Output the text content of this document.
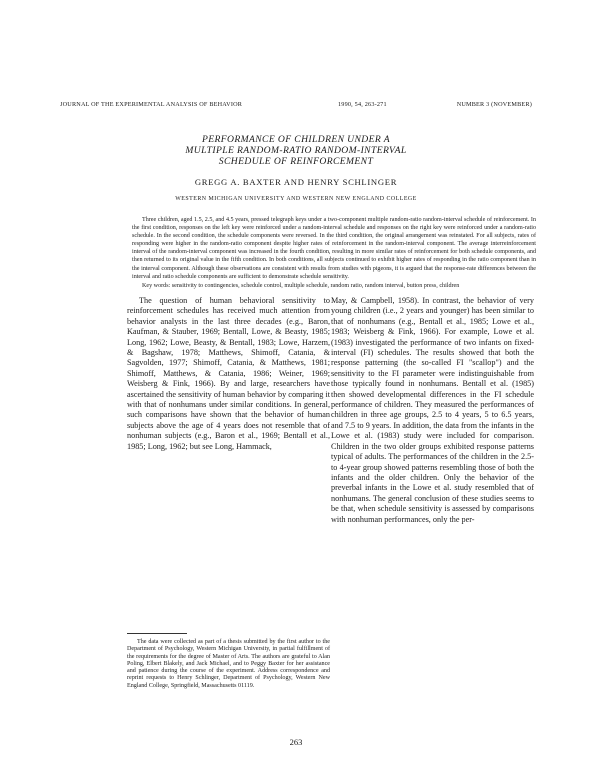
JOURNAL OF THE EXPERIMENTAL ANALYSIS OF BEHAVIOR	1990, 54, 263-271	NUMBER 3 (NOVEMBER)
PERFORMANCE OF CHILDREN UNDER A
MULTIPLE RANDOM-RATIO RANDOM-INTERVAL
SCHEDULE OF REINFORCEMENT
GREGG A. BAXTER AND HENRY SCHLINGER
WESTERN MICHIGAN UNIVERSITY AND WESTERN NEW ENGLAND COLLEGE

Three children, aged 1.5, 2.5, and 4.5 years, pressed telegraph keys under a two-component multiple random-ratio random-interval schedule of reinforcement. In the first condition, responses on the left key were reinforced under a random-interval schedule and responses on the right key were reinforced under a random-ratio schedule. In the second condition, the schedule components were reversed. In the third condition, the original arrangement was reinstated. For all subjects, rates of responding were higher in the random-ratio component despite higher rates of reinforcement in the random-interval component. The average interreinforcement interval of the random-interval component was increased in the fourth condition, resulting in more similar rates of reinforcement for both schedule components, and then returned to its original value in the fifth condition. In both conditions, all subjects continued to exhibit higher rates of responding in the ratio component than in the interval component. Although these observations are consistent with results from studies with pigeons, it is argued that the response-rate differences between the interval and ratio schedule components are sufficient to demonstrate schedule sensitivity.

Key words: sensitivity to contingencies, schedule control, multiple schedule, random ratio, random interval, button press, children

The question of human behavioral sensitivity to reinforcement schedules has received much attention from behavior analysts in the last three decades (e.g., Baron, Kaufman, & Stauber, 1969; Bentall, Lowe, & Beasty, 1985; Long, 1962; Lowe, Beasty, & Bentall, 1983; Lowe, Harzem, & Bagshaw, 1978; Matthews, Shimoff, Catania, & Sagvolden, 1977; Shimoff, Catania, & Matthews, 1981; Shimoff, Matthews, & Catania, 1986; Weiner, 1969; Weisberg & Fink, 1966). By and large, researchers have ascertained the sensitivity of human behavior by comparing it with that of nonhumans under similar conditions. In general, such comparisons have shown that the behavior of human subjects above the age of 4 years does not resemble that of nonhuman subjects (e.g., Baron et al., 1969; Bentall et al., 1985; Long, 1962; but see Long, Hammack,

May, & Campbell, 1958). In contrast, the behavior of very young children (i.e., 2 years and younger) has been similar to that of nonhumans (e.g., Bentall et al., 1985; Lowe et al., 1983; Weisberg & Fink, 1966). For example, Lowe et al. (1983) investigated the performance of two infants on fixed-interval (FI) schedules. The results showed that both the response patterning (the so-called FI "scallop") and the sensitivity to the FI parameter were indistinguishable from those typically found in nonhumans. Bentall et al. (1985) then showed developmental differences in the FI schedule performance of children. They measured the performances of children in three age groups, 2.5 to 4 years, 5 to 6.5 years, and 7.5 to 9 years. In addition, the data from the infants in the Lowe et al. (1983) study were included for comparison. Children in the two older groups exhibited response patterns typical of adults. The performances of the children in the 2.5- to 4-year group showed patterns resembling those of both the infants and the older children. Only the behavior of the preverbal infants in the Lowe et al. study resembled that of nonhumans. The general conclusion of these studies seems to be that, when schedule sensitivity is assessed by comparisons with nonhuman performances, only the per-

The data were collected as part of a thesis submitted by the first author to the Department of Psychology, Western Michigan University, in partial fulfillment of the requirements for the degree of Master of Arts. The authors are grateful to Alan Poling, Elbert Blakely, and Jack Michael, and to Peggy Baxter for her assistance and patience during the course of the experiment. Address correspondence and reprint requests to Henry Schlinger, Department of Psychology, Western New England College, Springfield, Massachusetts 01119.

263
